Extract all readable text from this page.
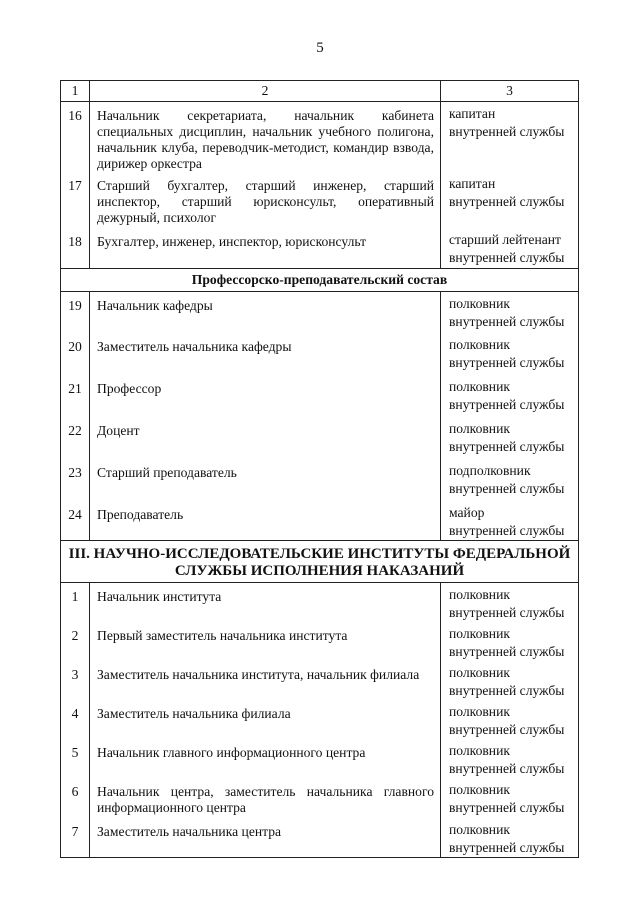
5
1	2	3
16	Начальник секретариата, начальник кабинета специальных дисциплин, начальник учебного полигона, начальник клуба, переводчик-методист, командир взвода, дирижер оркестра	капитан
внутренней службы

17	Старший бухгалтер, старший инженер, старший инспектор, старший юрисконсульт, оперативный дежурный, психолог	капитан
внутренней службы

18	Бухгалтер, инженер, инспектор, юрисконсульт	старший лейтенант
внутренней службы

Профессорско-преподавательский состав		
19	Начальник кафедры	полковник
внутренней службы

20	Заместитель начальника кафедры	полковник
внутренней службы

21	Профессор	полковник
внутренней службы

22	Доцент	полковник
внутренней службы

23	Старший преподаватель	подполковник
внутренней службы

24	Преподаватель	майор
внутренней службы

III. НАУЧНО-ИССЛЕДОВАТЕЛЬСКИЕ ИНСТИТУТЫ ФЕДЕРАЛЬНОЙ СЛУЖБЫ ИСПОЛНЕНИЯ НАКАЗАНИЙ		
1	Начальник института	полковник
внутренней службы

2	Первый заместитель начальника института	полковник
внутренней службы

3	Заместитель начальника института, начальник филиала	полковник
внутренней службы

4	Заместитель начальника филиала	полковник
внутренней службы

5	Начальник главного информационного центра	полковник
внутренней службы

6	Начальник центра, заместитель начальника главного информационного центра	полковник
внутренней службы

7	Заместитель начальника центра	полковник
внутренней службы
